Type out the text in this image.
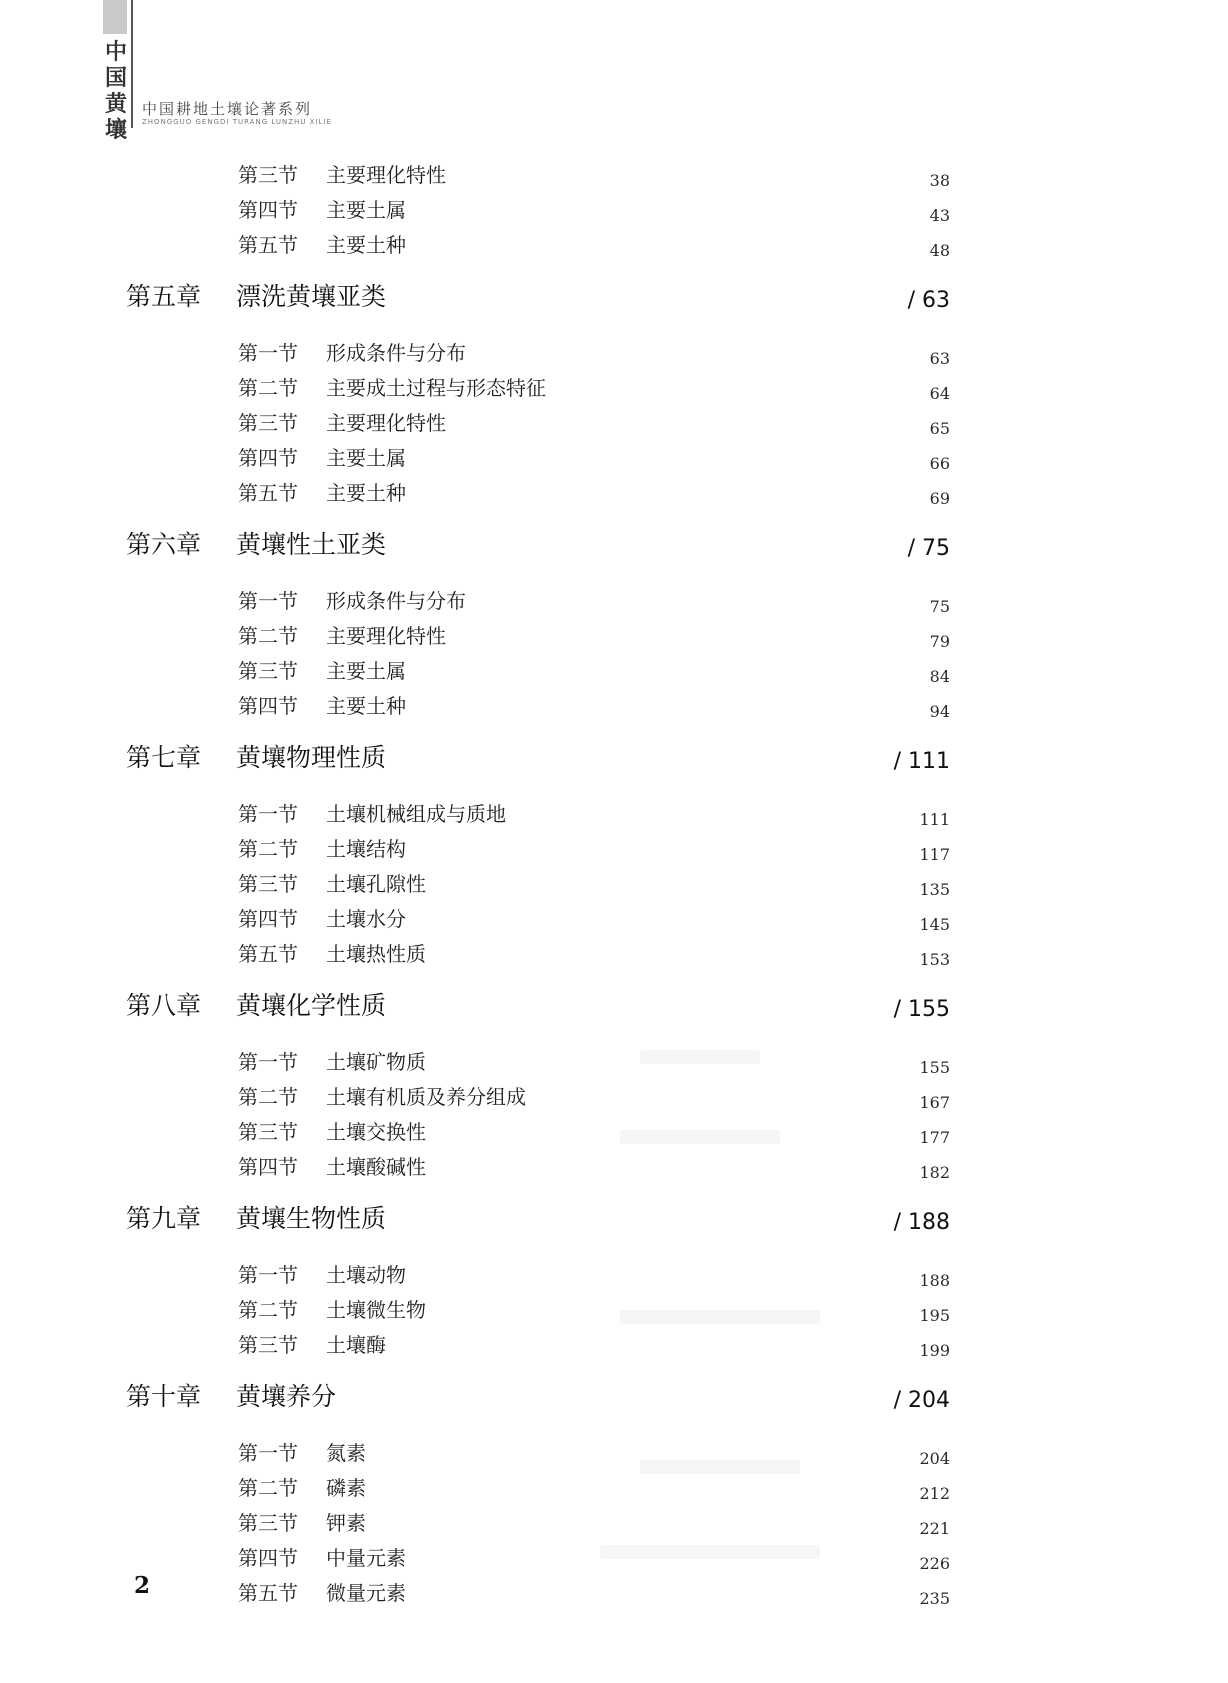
中
国
黄
壤
中国耕地土壤论著系列
ZHONGGUO GENGDI TURANG LUNZHU XILIE
第三节 主要理化特性	38
第四节 主要土属	43
第五节 主要土种	48
第五章 漂洗黄壤亚类	/ 63
第一节 形成条件与分布	63
第二节 主要成土过程与形态特征	64
第三节 主要理化特性	65
第四节 主要土属	66
第五节 主要土种	69
第六章 黄壤性土亚类	/ 75
第一节 形成条件与分布	75
第二节 主要理化特性	79
第三节 主要土属	84
第四节 主要土种	94
第七章 黄壤物理性质	/ 111
第一节 土壤机械组成与质地	111
第二节 土壤结构	117
第三节 土壤孔隙性	135
第四节 土壤水分	145
第五节 土壤热性质	153
第八章 黄壤化学性质	/ 155
第一节 土壤矿物质	155
第二节 土壤有机质及养分组成	167
第三节 土壤交换性	177
第四节 土壤酸碱性	182
第九章 黄壤生物性质	/ 188
第一节 土壤动物	188
第二节 土壤微生物	195
第三节 土壤酶	199
第十章 黄壤养分	/ 204
第一节 氮素	204
第二节 磷素	212
第三节 钾素	221
第四节 中量元素	226
第五节 微量元素	235
2
